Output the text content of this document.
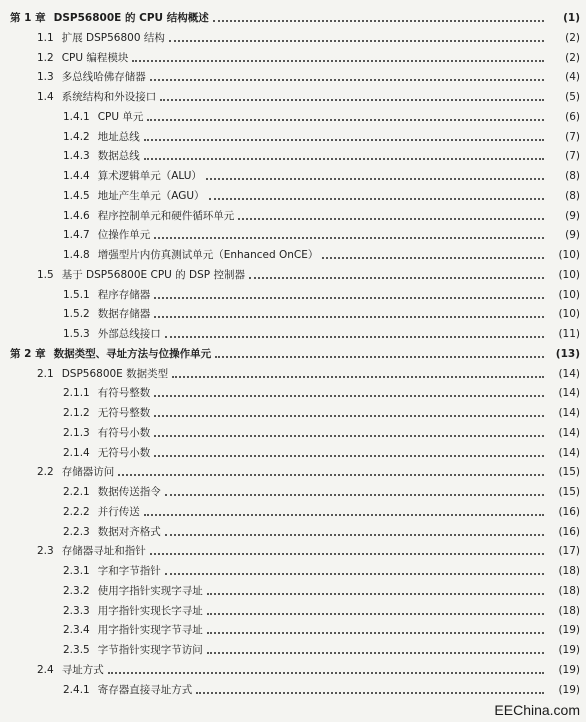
第 1 章 DSP56800E 的 CPU 结构概述	(1)
1.1 扩展 DSP56800 结构	(2)
1.2 CPU 编程模块	(2)
1.3 多总线哈佛存储器	(4)
1.4 系统结构和外设接口	(5)
1.4.1 CPU 单元	(6)
1.4.2 地址总线	(7)
1.4.3 数据总线	(7)
1.4.4 算术逻辑单元（ALU）	(8)
1.4.5 地址产生单元（AGU）	(8)
1.4.6 程序控制单元和硬件循环单元	(9)
1.4.7 位操作单元	(9)
1.4.8 增强型片内仿真测试单元（Enhanced OnCE）	(10)
1.5 基于 DSP56800E CPU 的 DSP 控制器	(10)
1.5.1 程序存储器	(10)
1.5.2 数据存储器	(10)
1.5.3 外部总线接口	(11)
第 2 章 数据类型、寻址方法与位操作单元	(13)
2.1 DSP56800E 数据类型	(14)
2.1.1 有符号整数	(14)
2.1.2 无符号整数	(14)
2.1.3 有符号小数	(14)
2.1.4 无符号小数	(14)
2.2 存储器访问	(15)
2.2.1 数据传送指令	(15)
2.2.2 并行传送	(16)
2.2.3 数据对齐格式	(16)
2.3 存储器寻址和指针	(17)
2.3.1 字和字节指针	(18)
2.3.2 使用字指针实现字寻址	(18)
2.3.3 用字指针实现长字寻址	(18)
2.3.4 用字指针实现字节寻址	(19)
2.3.5 字节指针实现字节访问	(19)
2.4 寻址方式	(19)
2.4.1 寄存器直接寻址方式	(19)
EEChina.com
